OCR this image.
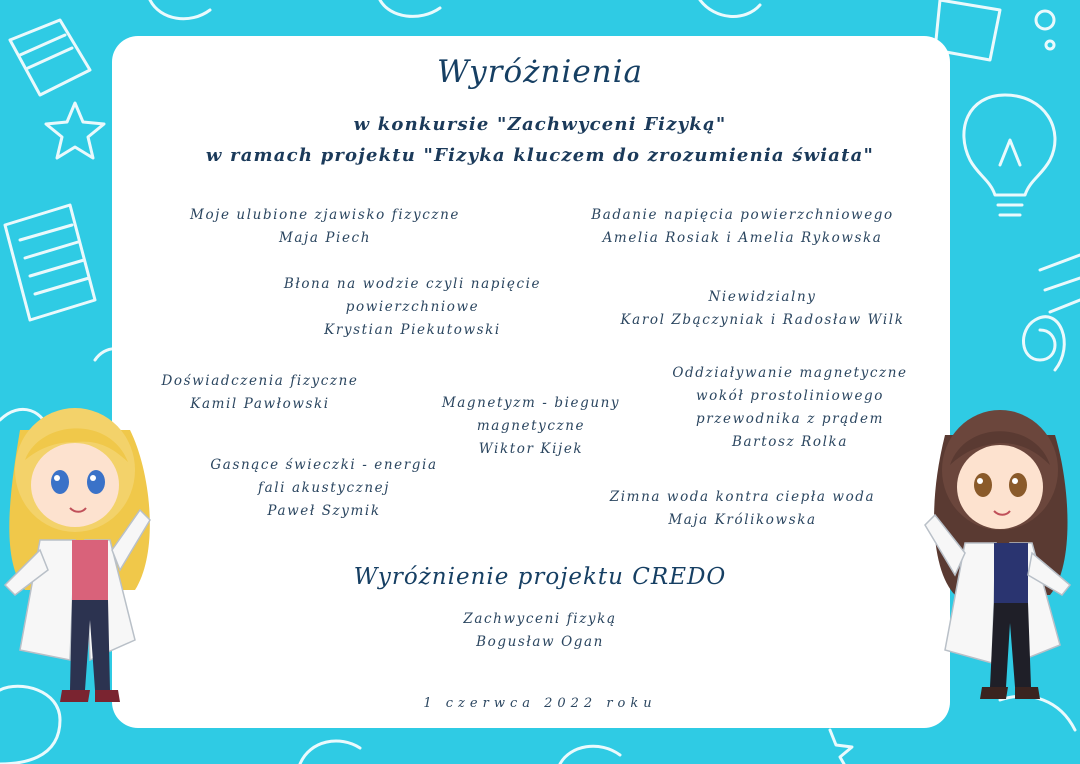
Wyróżnienia
w konkursie "Zachwyceni Fizyką"
w ramach projektu "Fizyka kluczem do zrozumienia świata"
Moje ulubione zjawisko fizyczne
Maja Piech
Badanie napięcia powierzchniowego
Amelia Rosiak i Amelia Rykowska
Błona na wodzie czyli napięcie
powierzchniowe
Krystian Piekutowski
Niewidzialny
Karol Zbączyniak i Radosław Wilk
Doświadczenia fizyczne
Kamil Pawłowski	Magnetyzm - bieguny
magnetyczne
Wiktor Kijek
Oddziaływanie magnetyczne
wokół prostoliniowego
przewodnika z prądem
Bartosz Rolka
Gasnące świeczki - energia
fali akustycznej
Paweł Szymik
Zimna woda kontra ciepła woda
Maja Królikowska
Wyróżnienie projektu CREDO
Zachwyceni fizyką
Bogusław Ogan
1 czerwca 2022 roku
